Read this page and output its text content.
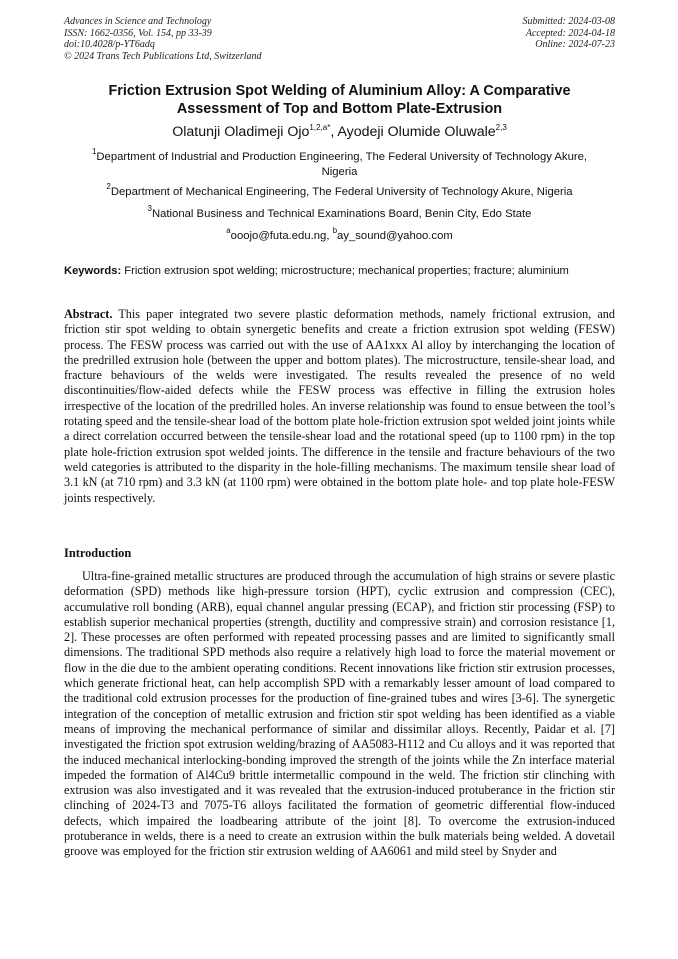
Advances in Science and Technology
ISSN: 1662-0356, Vol. 154, pp 33-39
doi:10.4028/p-YT6adq
© 2024 Trans Tech Publications Ltd, Switzerland
Submitted: 2024-03-08
Accepted: 2024-04-18
Online: 2024-07-23
Friction Extrusion Spot Welding of Aluminium Alloy: A Comparative
Assessment of Top and Bottom Plate-Extrusion
Olatunji Oladimeji Ojo$^{1,2,a*}$, Ayodeji Olumide Oluwale$^{2,3}$
$^1$Department of Industrial and Production Engineering, The Federal University of Technology Akure, Nigeria
$^2$Department of Mechanical Engineering, The Federal University of Technology Akure, Nigeria
$^3$National Business and Technical Examinations Board, Benin City, Edo State
$^a$ooojo@futa.edu.ng, $^b$ay_sound@yahoo.com
Keywords: Friction extrusion spot welding; microstructure; mechanical properties; fracture; aluminium
Abstract. This paper integrated two severe plastic deformation methods, namely frictional extrusion, and friction stir spot welding to obtain synergetic benefits and create a friction extrusion spot welding (FESW) process. The FESW process was carried out with the use of AA1xxx Al alloy by interchanging the location of the predrilled extrusion hole (between the upper and bottom plates). The microstructure, tensile-shear load, and fracture behaviours of the welds were investigated. The results revealed the presence of no weld discontinuities/flow-aided defects while the FESW process was effective in filling the extrusion holes irrespective of the location of the predrilled holes. An inverse relationship was found to ensue between the tool’s rotating speed and the tensile-shear load of the bottom plate hole-friction extrusion spot welded joint joints while a direct correlation occurred between the tensile-shear load and the rotational speed (up to 1100 rpm) in the top plate hole-friction extrusion spot welded joints. The difference in the tensile and fracture behaviours of the two weld categories is attributed to the disparity in the hole-filling mechanisms. The maximum tensile shear load of 3.1 kN (at 710 rpm) and 3.3 kN (at 1100 rpm) were obtained in the bottom plate hole- and top plate hole-FESW joints respectively.
Introduction
Ultra-fine-grained metallic structures are produced through the accumulation of high strains or severe plastic deformation (SPD) methods like high-pressure torsion (HPT), cyclic extrusion and compression (CEC), accumulative roll bonding (ARB), equal channel angular pressing (ECAP), and friction stir processing (FSP) to establish superior mechanical properties (strength, ductility and compressive strain) and corrosion resistance [1, 2]. These processes are often performed with repeated processing passes and are limited to significantly small dimensions. The traditional SPD methods also require a relatively high load to force the material movement or flow in the die due to the ambient operating conditions. Recent innovations like friction stir extrusion processes, which generate frictional heat, can help accomplish SPD with a remarkably lesser amount of load compared to the traditional cold extrusion processes for the production of fine-grained tubes and wires [3-6]. The synergetic integration of the conception of metallic extrusion and friction stir spot welding has been identified as a viable means of improving the mechanical performance of similar and dissimilar alloys. Recently, Paidar et al. [7] investigated the friction spot extrusion welding/brazing of AA5083-H112 and Cu alloys and it was reported that the induced mechanical interlocking-bonding improved the strength of the joints while the Zn interface material impeded the formation of Al4Cu9 brittle intermetallic compound in the weld. The friction stir clinching with extrusion was also investigated and it was revealed that the extrusion-induced protuberance in the friction stir clinching of 2024-T3 and 7075-T6 alloys facilitated the formation of geometric differential flow-induced defects, which impaired the loadbearing attribute of the joint [8]. To overcome the extrusion-induced protuberance in welds, there is a need to create an extrusion within the bulk materials being welded. A dovetail groove was employed for the friction stir extrusion welding of AA6061 and mild steel by Snyder and
